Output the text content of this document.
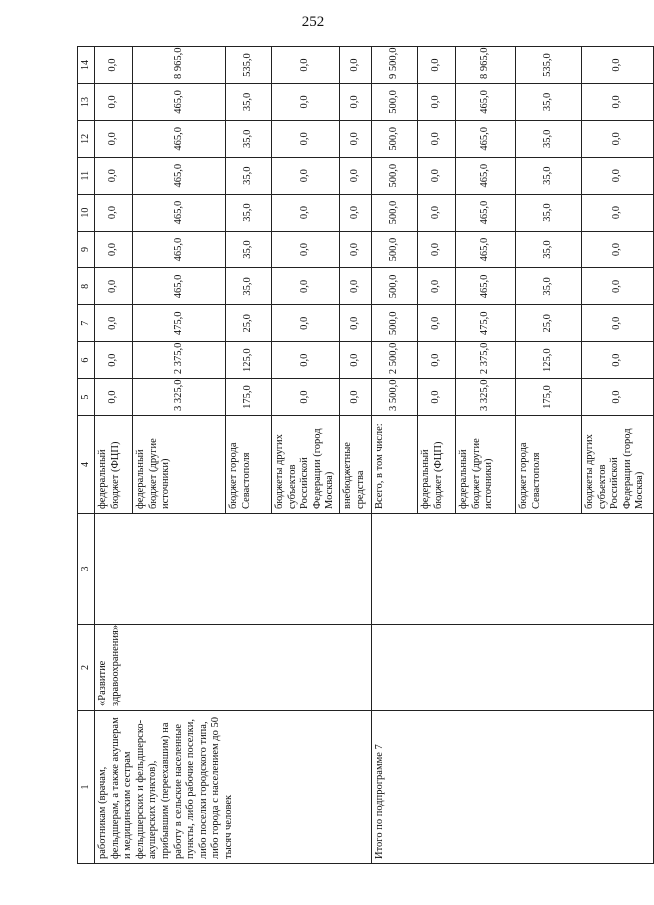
252
1	2	3	4	5	6	7	8	9	10	11	12	13	14
работникам (врачам, фельдшерам, а также акушерам и медицинским сестрам фельдшерских и фельдшерско-акушерских пунктов), прибывшим (переехавшим) на работу в сельские населенные пункты, либо рабочие поселки, либо поселки городского типа, либо города с населением до 50 тысяч человек	«Развитие здравоохранения»		федеральный бюджет (ФЦП)	0,0	0,0	0,0	0,0	0,0	0,0	0,0	0,0	0,0	0,0
			федеральный бюджет (другие источники)	3 325,0	2 375,0	475,0	465,0	465,0	465,0	465,0	465,0	465,0	8 965,0
			бюджет города Севастополя	175,0	125,0	25,0	35,0	35,0	35,0	35,0	35,0	35,0	535,0
			бюджеты других субъектов Российской Федерации (город Москва)	0,0	0,0	0,0	0,0	0,0	0,0	0,0	0,0	0,0	0,0
			внебюджетные средства	0,0	0,0	0,0	0,0	0,0	0,0	0,0	0,0	0,0	0,0
Итого по подпрограмме 7			Всего, в том числе:	3 500,0	2 500,0	500,0	500,0	500,0	500,0	500,0	500,0	500,0	9 500,0
			федеральный бюджет (ФЦП)	0,0	0,0	0,0	0,0	0,0	0,0	0,0	0,0	0,0	0,0
			федеральный бюджет (другие источники)	3 325,0	2 375,0	475,0	465,0	465,0	465,0	465,0	465,0	465,0	8 965,0
			бюджет города Севастополя	175,0	125,0	25,0	35,0	35,0	35,0	35,0	35,0	35,0	535,0
			бюджеты других субъектов Российской Федерации (город Москва)	0,0	0,0	0,0	0,0	0,0	0,0	0,0	0,0	0,0	0,0
